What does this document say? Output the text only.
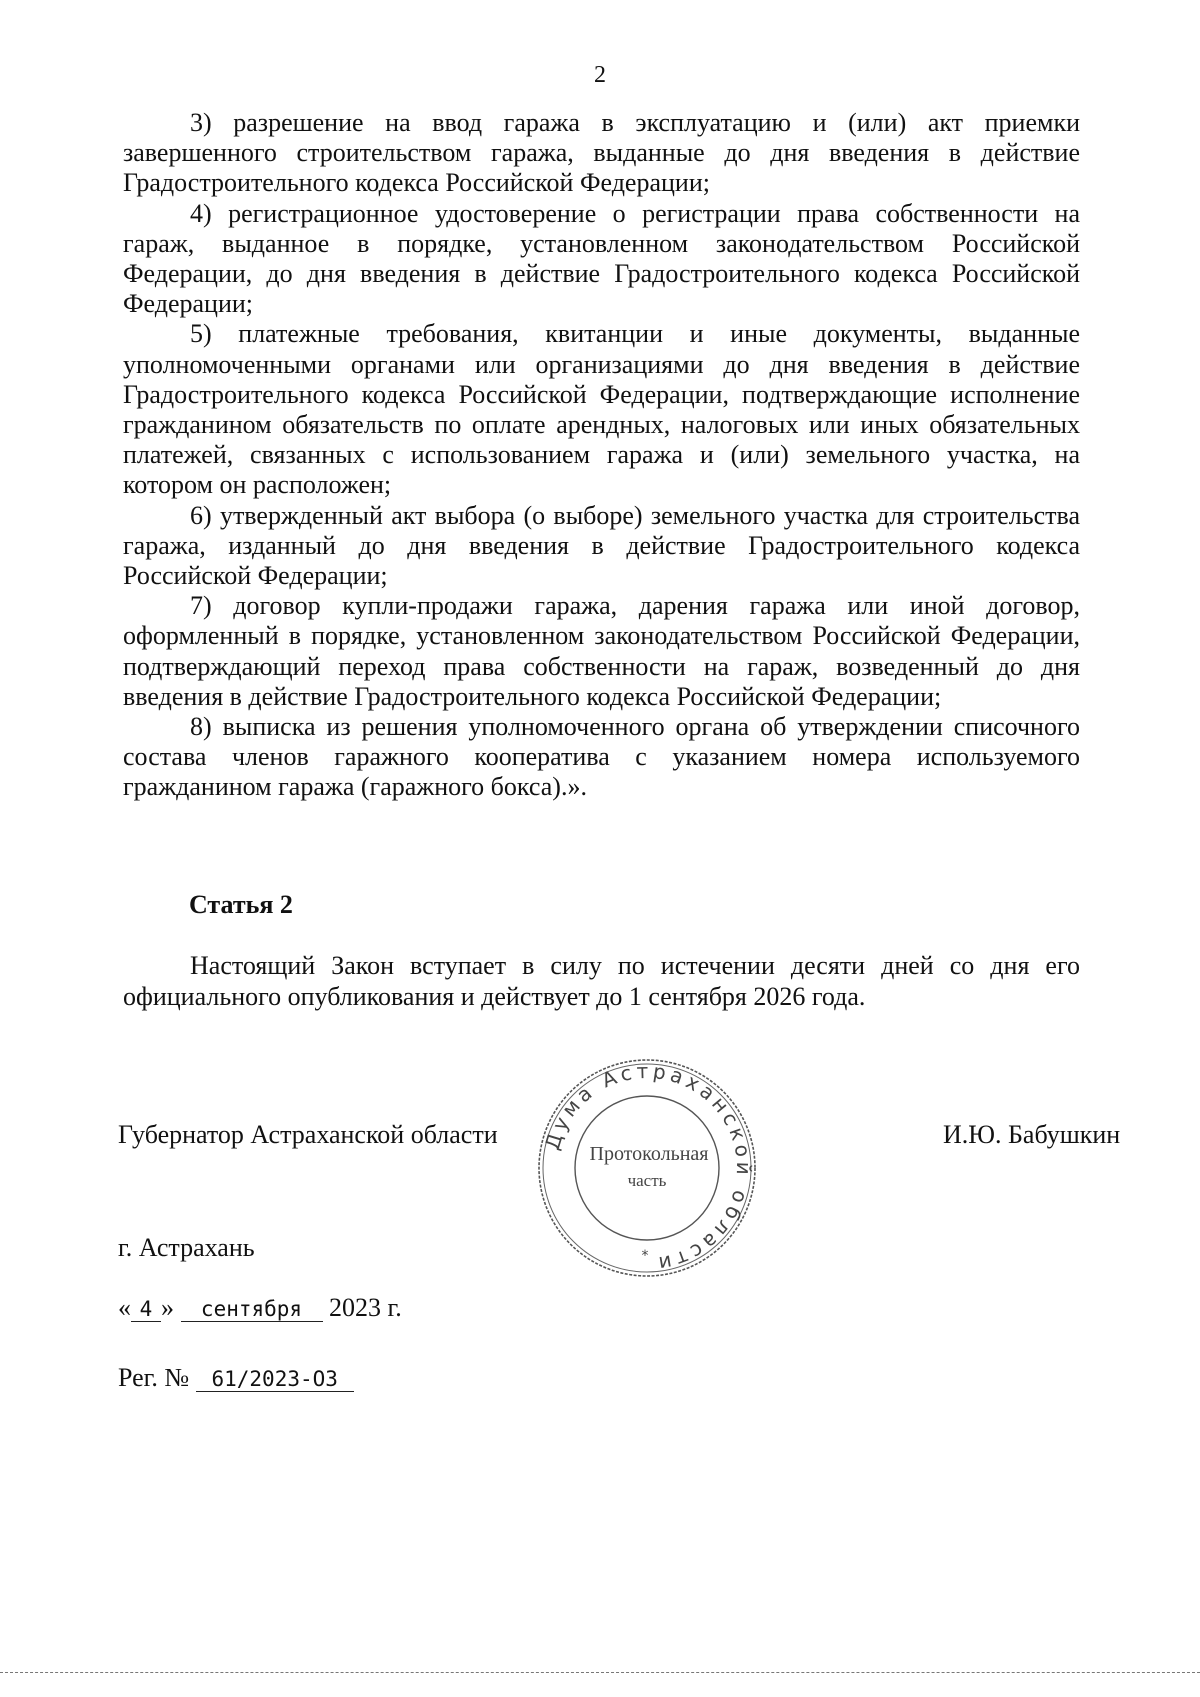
2

3) разрешение на ввод гаража в эксплуатацию и (или) акт приемки завершенного строительством гаража, выданные до дня введения в действие Градостроительного кодекса Российской Федерации;

4) регистрационное удостоверение о регистрации права собственности на гараж, выданное в порядке, установленном законодательством Российской Федерации, до дня введения в действие Градостроительного кодекса Российской Федерации;

5) платежные требования, квитанции и иные документы, выданные уполномоченными органами или организациями до дня введения в действие Градостроительного кодекса Российской Федерации, подтверждающие исполнение гражданином обязательств по оплате арендных, налоговых или иных обязательных платежей, связанных с использованием гаража и (или) земельного участка, на котором он расположен;

6) утвержденный акт выбора (о выборе) земельного участка для строительства гаража, изданный до дня введения в действие Градостроительного кодекса Российской Федерации;

7) договор купли-продажи гаража, дарения гаража или иной договор, оформленный в порядке, установленном законодательством Российской Федерации, подтверждающий переход права собственности на гараж, возведенный до дня введения в действие Градостроительного кодекса Российской Федерации;

8) выписка из решения уполномоченного органа об утверждении списочного состава членов гаражного кооператива с указанием номера используемого гражданином гаража (гаражного бокса).».

Статья 2

Настоящий Закон вступает в силу по истечении десяти дней со дня его официального опубликования и действует до 1 сентября 2026 года.

Губернатор Астраханской области	И.Ю. Бабушкин
Дума Астраханской области
Протокольная
часть
*
г. Астрахань
« 4 » сентября 2023 г.
Рег. № 61/2023-ОЗ
